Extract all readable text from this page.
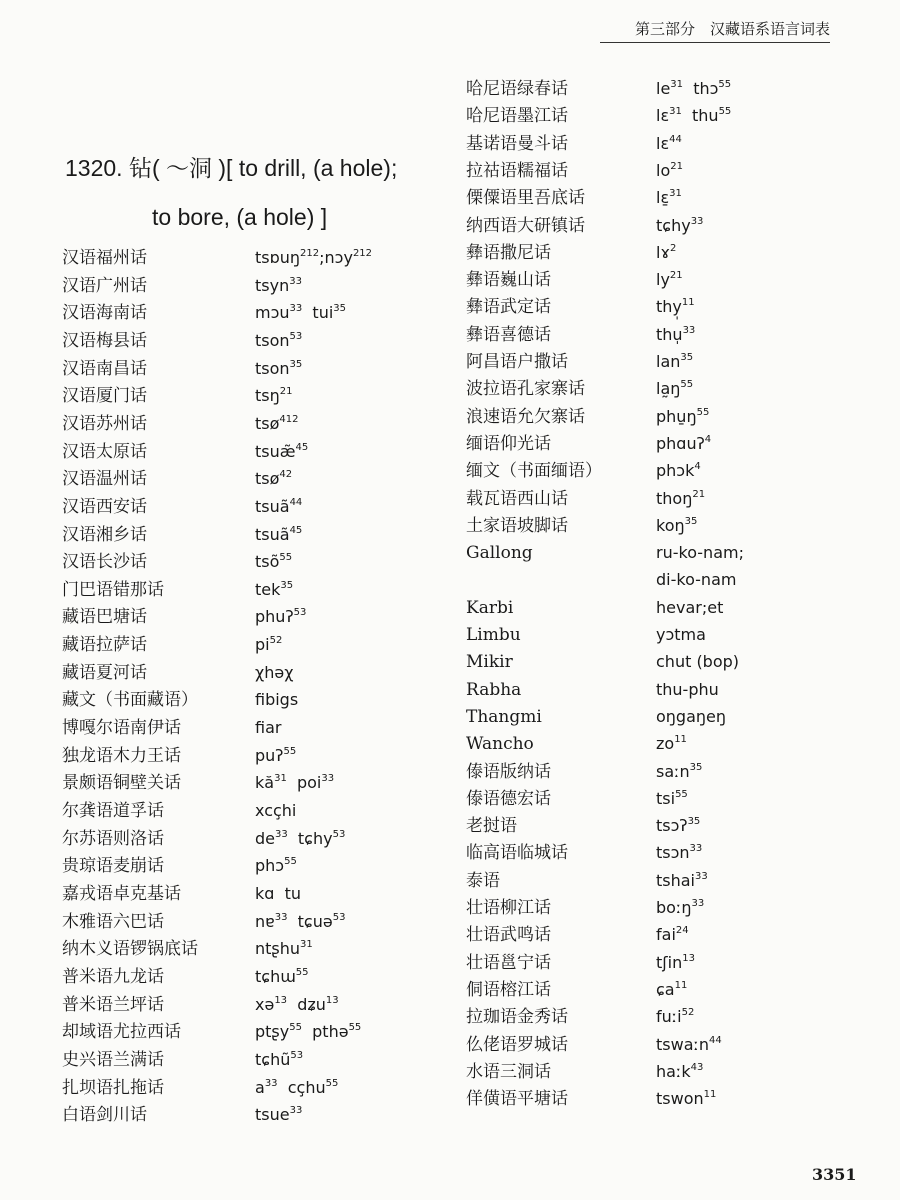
第三部分　汉藏语系语言词表
1320. 钻( ～洞 )[ to drill, (a hole);
to bore, (a hole) ]
汉语福州话	tsɒuŋ$^{212}$;nɔy$^{212}$
汉语广州话	tsyn$^{33}$
汉语海南话	mɔu$^{33}$  tui$^{35}$
汉语梅县话	tson$^{53}$
汉语南昌话	tson$^{35}$
汉语厦门话	tsŋ$^{21}$
汉语苏州话	tsø$^{412}$
汉语太原话	tsuæ̃$^{45}$
汉语温州话	tsø$^{42}$
汉语西安话	tsuã$^{44}$
汉语湘乡话	tsuã$^{45}$
汉语长沙话	tsõ$^{55}$
门巴语错那话	tek$^{35}$
藏语巴塘话	phuʔ$^{53}$
藏语拉萨话	$pi^{52}$
藏语夏河话	χhəχ
藏文（书面藏语）	fibigs
博嘎尔语南伊话	fiar
独龙语木力王话	puʔ$^{55}$
景颇语铜壁关话	$kă^{31}$  poi$^{33}$
尔龚语道孚话	xcçhi
尔苏语则洛话	$de^{33}$  tɕhy$^{53}$
贵琼语麦崩话	phɔ$^{55}$
嘉戎语卓克基话	kɑ  tu
木雅语六巴话	nɐ$^{33}$  tɕuə$^{53}$
纳木义语锣锅底话	ntʂhu$^{31}$
普米语九龙话	tɕhɯ$^{55}$
普米语兰坪话	xə$^{13}$  dʑu$^{13}$
却域语尤拉西话	ptʂy$^{55}$  pthə$^{55}$
史兴语兰满话	tɕhũ$^{53}$
扎坝语扎拖话	$a^{33}$  cçhu$^{55}$
白语剑川话	tsue$^{33}$
哈尼语绿春话	$le^{31}$  thɔ$^{55}$
哈尼语墨江话	lɛ$^{31}$  thu$^{55}$
基诺语曼斗话	lɛ$^{44}$
拉祜语糯福话	$lo^{21}$
傈僳语里吾底话	lɛ̱$^{31}$
纳西语大研镇话	tɕhy$^{33}$
彝语撒尼话	lɤ$^2$
彝语巍山话	$ly^{21}$
彝语武定话	thy̩$^{11}$
彝语喜德话	thu̩$^{33}$
阿昌语户撒话	lan$^{35}$
波拉语孔家寨话	$la̰ŋ^{55}$
浪速语允欠寨话	$phu̱ŋ^{55}$
缅语仰光话	phɑuʔ$^4$
缅文（书面缅语）	phɔk$^4$
载瓦语西山话	thoŋ$^{21}$
土家语坡脚话	koŋ$^{35}$
Gallong	ru-ko-nam;
di-ko-nam
Karbi	hevar;et
Limbu	yɔtma
Mikir	chut (bop)
Rabha	thu-phu
Thangmi	oŋgaŋeŋ
Wancho	$zo^{11}$
傣语版纳话	saːn$^{35}$
傣语德宏话	tsi$^{55}$
老挝语	tsɔʔ$^{35}$
临高语临城话	tsɔn$^{33}$
泰语	tshai$^{33}$
壮语柳江话	boːŋ$^{33}$
壮语武鸣话	fai$^{24}$
壮语邕宁话	tʃin$^{13}$
侗语榕江话	ɕa$^{11}$
拉珈语金秀话	fuːi$^{52}$
仫佬语罗城话	tswaːn$^{44}$
水语三洞话	haːk$^{43}$
佯僙语平塘话	tswon$^{11}$
3351
